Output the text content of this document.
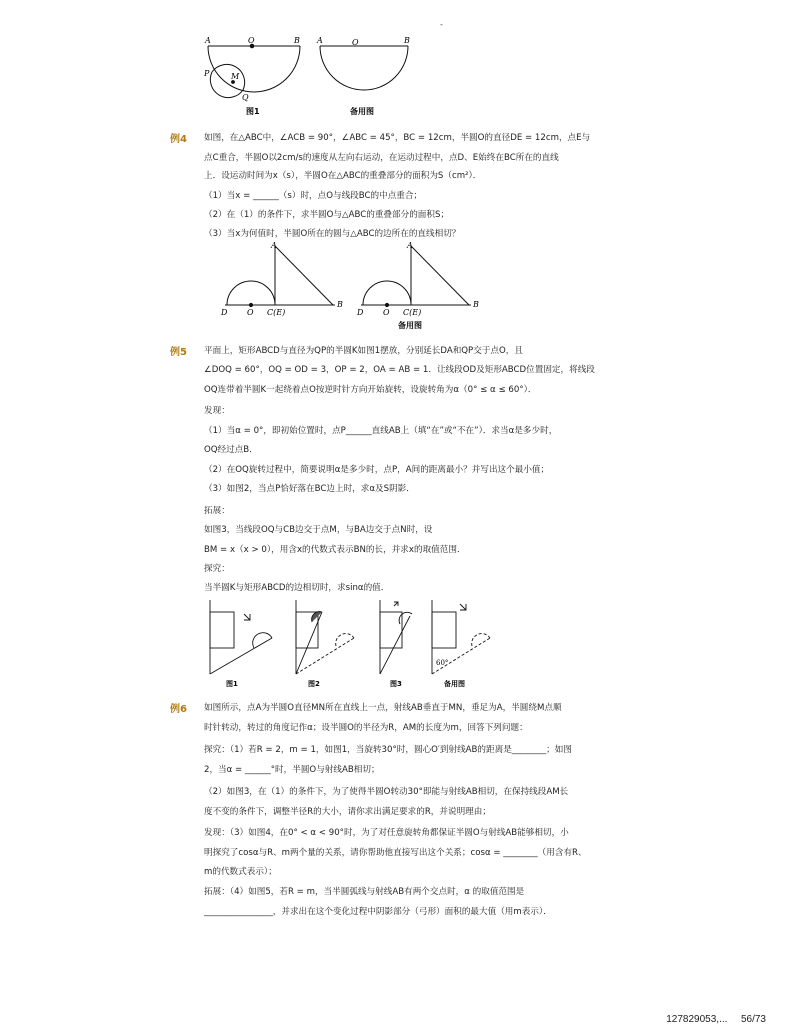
-
A	O	B
P	M
Q
图1
A	O	B
备用图
例4 如图，在△ABC中，∠ACB = 90°，∠ABC = 45°，BC = 12cm，半圆O的直径DE = 12cm，点E与
点C重合，半圆O以2cm/s的速度从左向右运动，在运动过程中，点D、E始终在BC所在的直线
上．设运动时间为x（s），半圆O在△ABC的重叠部分的面积为S（cm²）．
（1）当x = ______（s）时，点O与线段BC的中点重合；
（2）在（1）的条件下，求半圆O与△ABC的重叠部分的面积S；
（3）当x为何值时，半圆O所在的圆与△ABC的边所在的直线相切？
A
B
D O C(E)
A
B
D O C(E)
备用图
例5 平面上，矩形ABCD与直径为QP的半圆K如图1摆放，分别延长DA和QP交于点O，且
∠DOQ = 60°，OQ = OD = 3，OP = 2，OA = AB = 1．让线段OD及矩形ABCD位置固定，将线段
OQ连带着半圆K一起绕着点O按逆时针方向开始旋转，设旋转角为α（0° ≤ α ≤ 60°）．
发现：
（1）当α = 0°，即初始位置时，点P______直线AB上（填“在”或“不在”）．求当α是多少时，
OQ经过点B．
（2）在OQ旋转过程中，简要说明α是多少时，点P，A间的距离最小？并写出这个最小值；
（3）如图2，当点P恰好落在BC边上时，求α及S阴影．
拓展：
如图3，当线段OQ与CB边交于点M，与BA边交于点N时，设
BM = x（x > 0），用含x的代数式表示BN的长，并求x的取值范围．
探究：
当半圆K与矩形ABCD的边相切时，求sinα的值．
图1	图2	图3	备用图
60°
例6 如图所示，点A为半圆O直径MN所在直线上一点，射线AB垂直于MN，垂足为A，半圆绕M点顺
时针转动，转过的角度记作α；设半圆O的半径为R，AM的长度为m，回答下列问题：
探究：（1）若R = 2，m = 1，如图1，当旋转30°时，圆心O′到射线AB的距离是________；如图
2，当α = ______°时，半圆O与射线AB相切；
（2）如图3，在（1）的条件下，为了使得半圆O转动30°即能与射线AB相切，在保持线段AM长
度不变的条件下，调整半径R的大小，请你求出满足要求的R，并说明理由；
发现：（3）如图4，在0° < α < 90°时，为了对任意旋转角都保证半圆O与射线AB能够相切，小
明探究了cosα与R、m两个量的关系，请你帮助他直接写出这个关系；cosα = ________（用含有R、
m的代数式表示）；
拓展：（4）如图5，若R = m，当半圆弧线与射线AB有两个交点时，α 的取值范围是
________________，并求出在这个变化过程中阴影部分（弓形）面积的最大值（用m表示）．
127829053,... 56/73
